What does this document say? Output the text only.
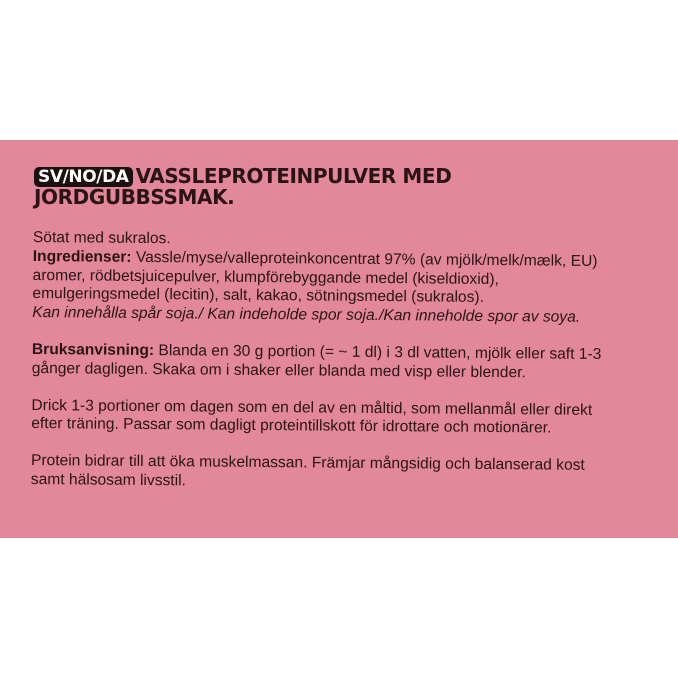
SV/NO/DA VASSLEPROTEINPULVER MED
JORDGUBBSSMAK.

Sötat med sukralos.

Ingredienser: Vassle/myse/valleproteinkoncentrat 97% (av mjölk/melk/mælk, EU)

aromer, rödbetsjuicepulver, klumpförebyggande medel (kiseldioxid),

emulgeringsmedel (lecitin), salt, kakao, sötningsmedel (sukralos).

Kan innehålla spår soja./ Kan indeholde spor soja./Kan inneholde spor av soya.

Bruksanvisning: Blanda en 30 g portion (= ~ 1 dl) i 3 dl vatten, mjölk eller saft 1-3

gånger dagligen. Skaka om i shaker eller blanda med visp eller blender.

Drick 1-3 portioner om dagen som en del av en måltid, som mellanmål eller direkt

efter träning. Passar som dagligt proteintillskott för idrottare och motionärer.

Protein bidrar till att öka muskelmassan. Främjar mångsidig och balanserad kost

samt hälsosam livsstil.
